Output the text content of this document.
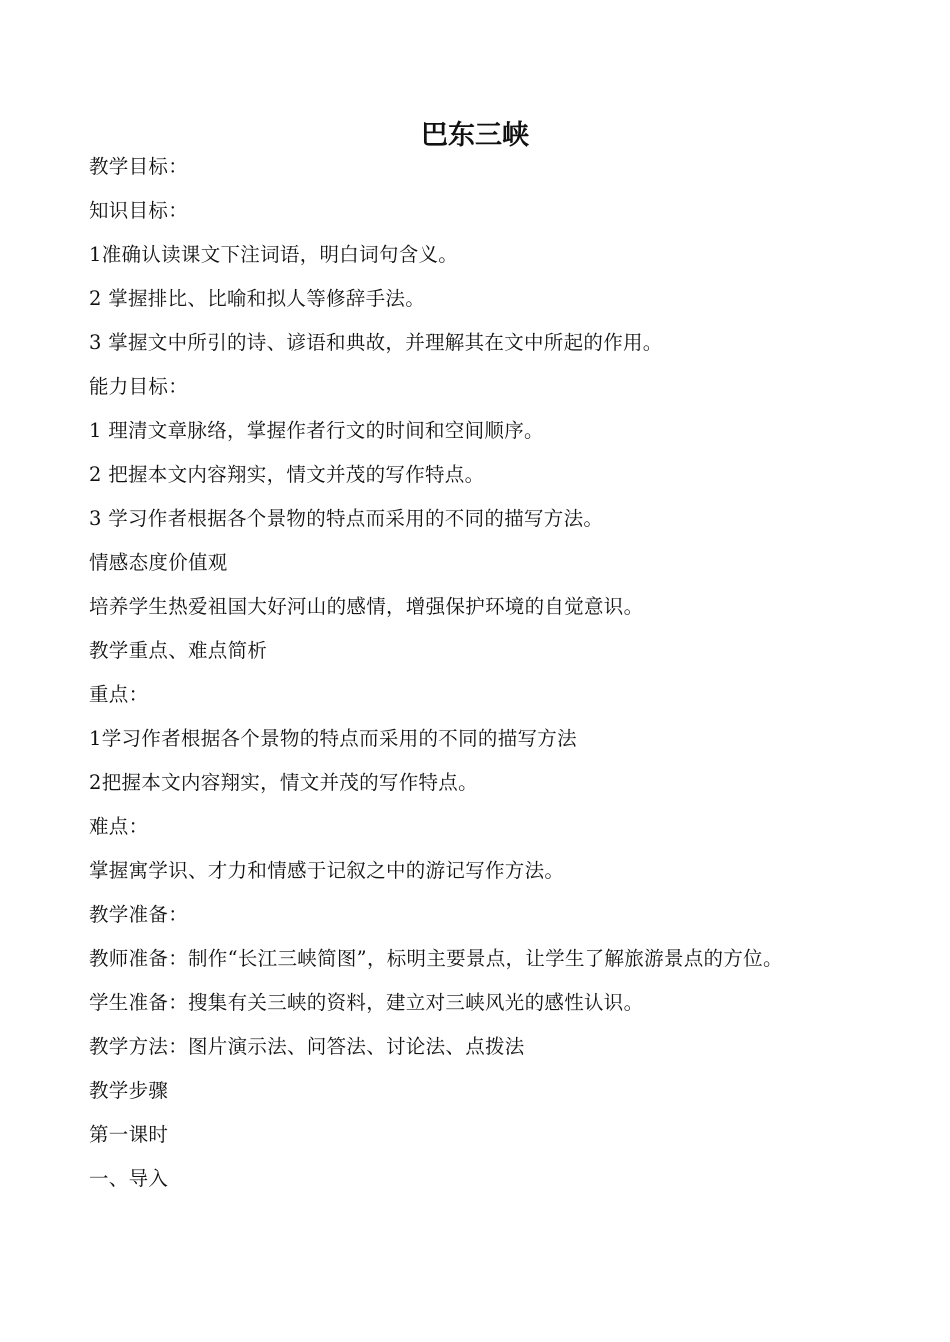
巴东三峡
教学目标：
知识目标：
1准确认读课文下注词语，明白词句含义。
2 掌握排比、比喻和拟人等修辞手法。
3 掌握文中所引的诗、谚语和典故，并理解其在文中所起的作用。
能力目标：
1 理清文章脉络，掌握作者行文的时间和空间顺序。
2 把握本文内容翔实，情文并茂的写作特点。
3 学习作者根据各个景物的特点而采用的不同的描写方法。
情感态度价值观
培养学生热爱祖国大好河山的感情，增强保护环境的自觉意识。
教学重点、难点简析
重点：
1学习作者根据各个景物的特点而采用的不同的描写方法
2把握本文内容翔实，情文并茂的写作特点。
难点：
掌握寓学识、才力和情感于记叙之中的游记写作方法。
教学准备：
教师准备：制作“长江三峡简图”，标明主要景点，让学生了解旅游景点的方位。
学生准备：搜集有关三峡的资料，建立对三峡风光的感性认识。
教学方法：图片演示法、问答法、讨论法、点拨法
教学步骤
第一课时
一、导入
